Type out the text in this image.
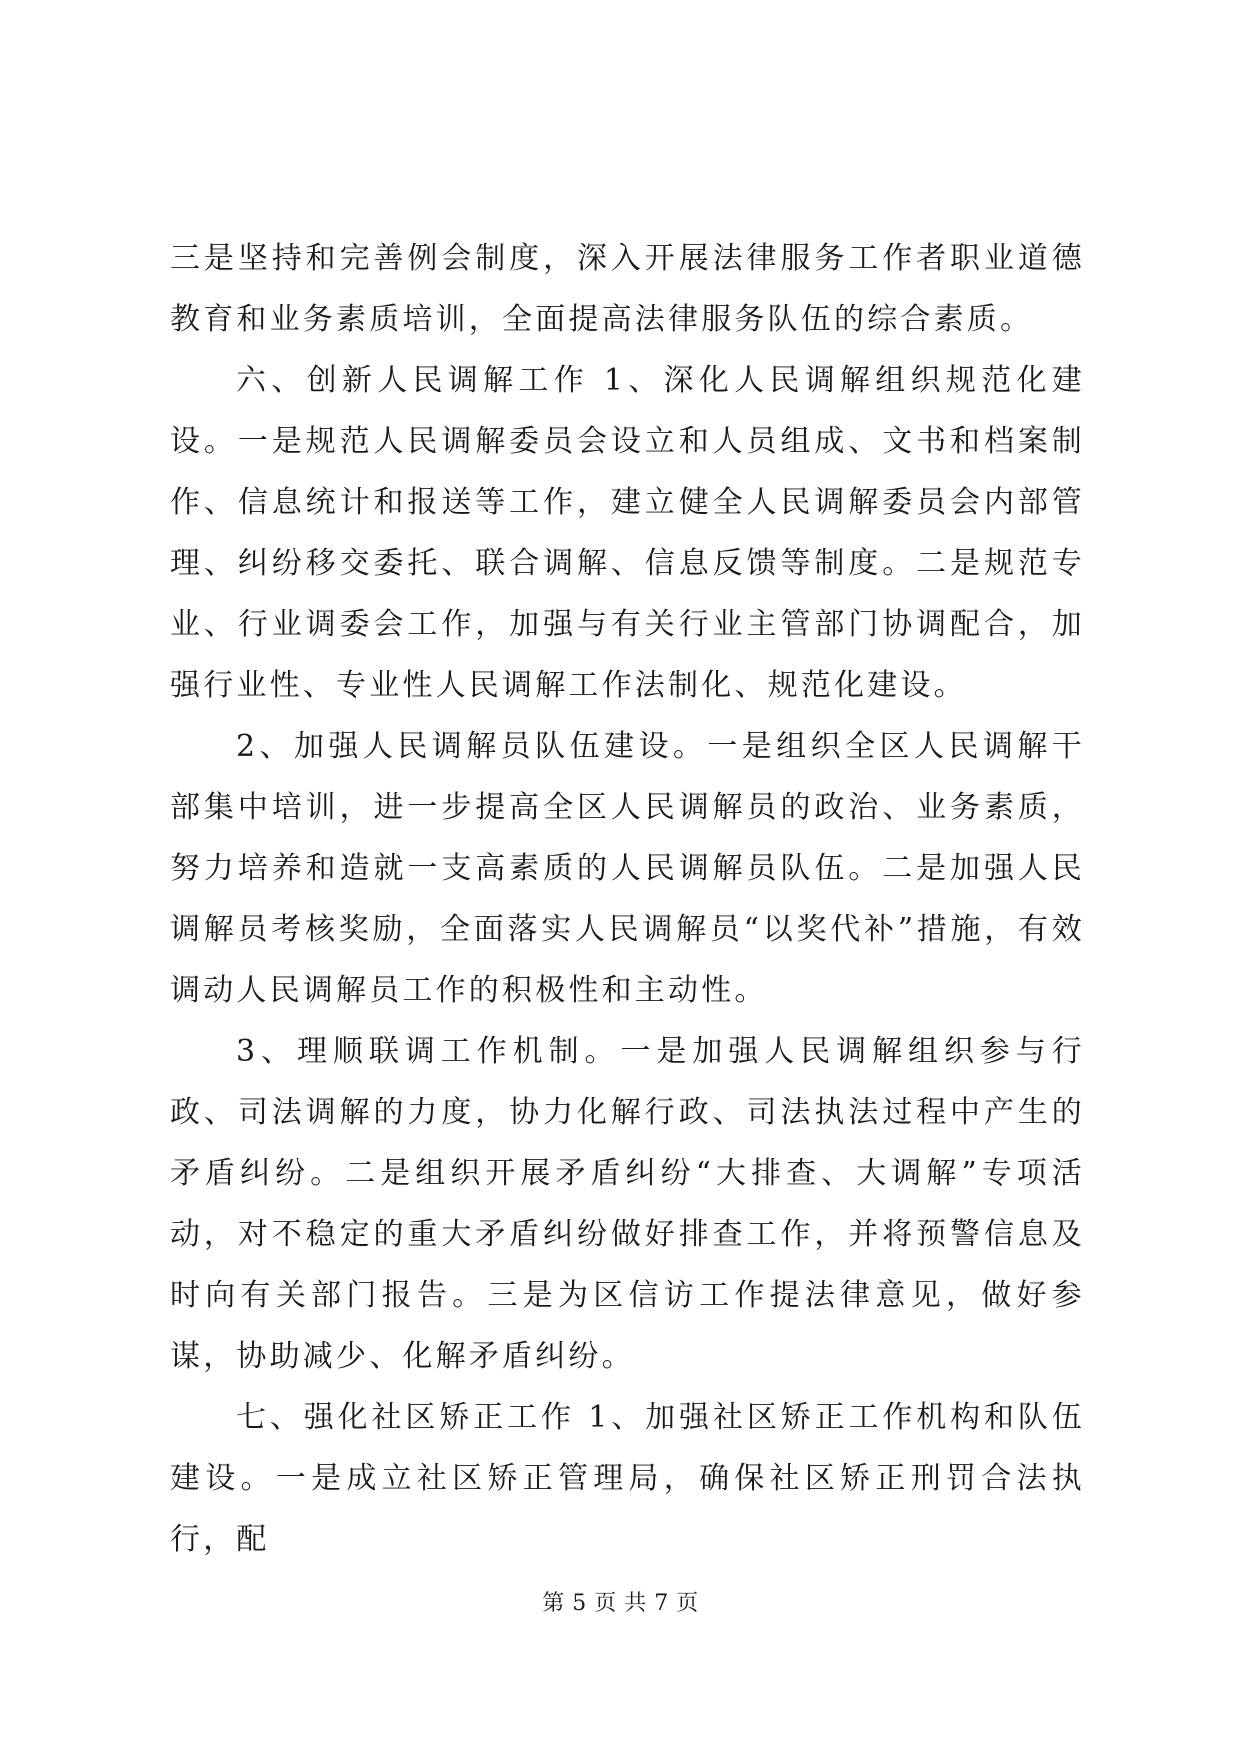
三是坚持和完善例会制度，深入开展法律服务工作者职业道德教育和业务素质培训，全面提高法律服务队伍的综合素质。

六、创新人民调解工作 1、深化人民调解组织规范化建设。一是规范人民调解委员会设立和人员组成、文书和档案制作、信息统计和报送等工作，建立健全人民调解委员会内部管理、纠纷移交委托、联合调解、信息反馈等制度。二是规范专业、行业调委会工作，加强与有关行业主管部门协调配合，加强行业性、专业性人民调解工作法制化、规范化建设。

2、加强人民调解员队伍建设。一是组织全区人民调解干部集中培训，进一步提高全区人民调解员的政治、业务素质，努力培养和造就一支高素质的人民调解员队伍。二是加强人民调解员考核奖励，全面落实人民调解员“以奖代补”措施，有效调动人民调解员工作的积极性和主动性。

3、理顺联调工作机制。一是加强人民调解组织参与行政、司法调解的力度，协力化解行政、司法执法过程中产生的矛盾纠纷。二是组织开展矛盾纠纷“大排查、大调解”专项活动，对不稳定的重大矛盾纠纷做好排查工作，并将预警信息及时向有关部门报告。三是为区信访工作提法律意见，做好参谋，协助减少、化解矛盾纠纷。

七、强化社区矫正工作 1、加强社区矫正工作机构和队伍建设。一是成立社区矫正管理局，确保社区矫正刑罚合法执行，配

第 5 页 共 7 页
